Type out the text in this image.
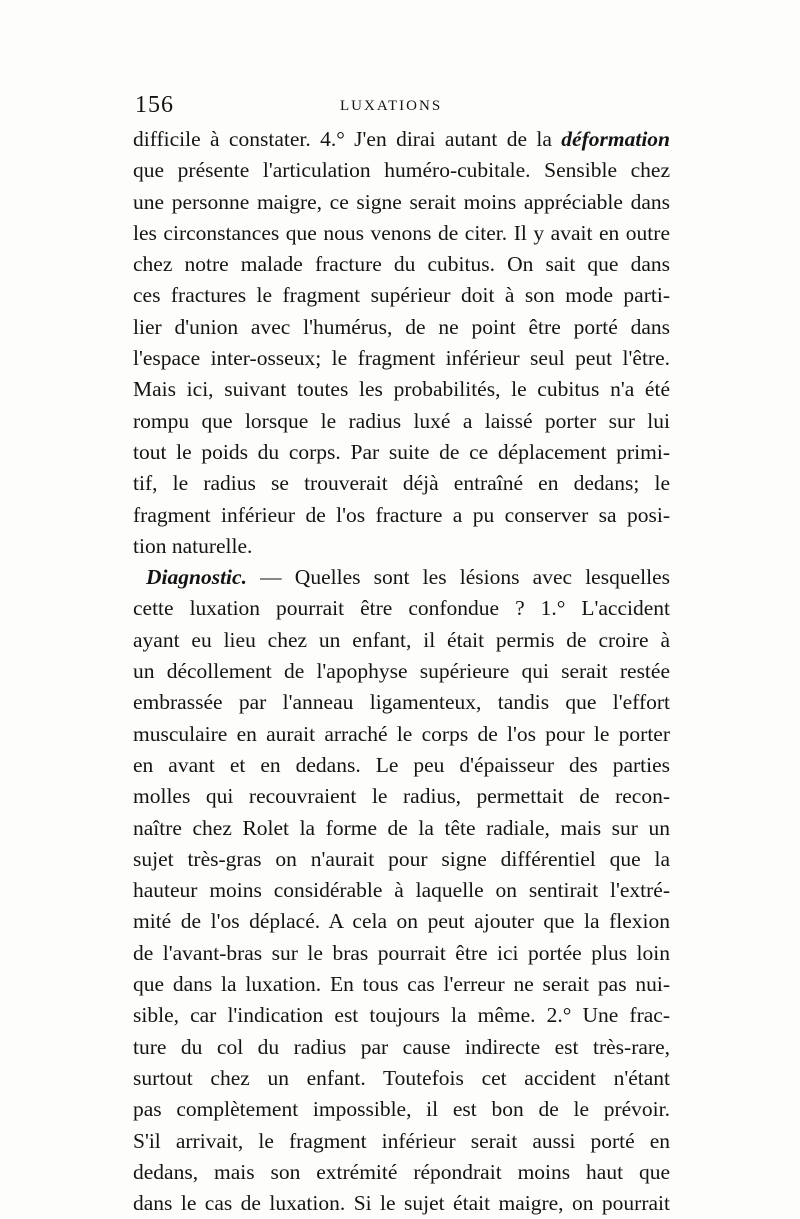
156	LUXATIONS
difficile à constater. 4.° J'en dirai autant de la déformation
que présente l'articulation huméro-cubitale. Sensible chez
une personne maigre, ce signe serait moins appréciable dans
les circonstances que nous venons de citer. Il y avait en outre
chez notre malade fracture du cubitus. On sait que dans
ces fractures le fragment supérieur doit à son mode parti-
lier d'union avec l'humérus, de ne point être porté dans
l'espace inter-osseux; le fragment inférieur seul peut l'être.
Mais ici, suivant toutes les probabilités, le cubitus n'a été
rompu que lorsque le radius luxé a laissé porter sur lui
tout le poids du corps. Par suite de ce déplacement primi-
tif, le radius se trouverait déjà entraîné en dedans; le
fragment inférieur de l'os fracture a pu conserver sa posi-
tion naturelle.
Diagnostic. — Quelles sont les lésions avec lesquelles
cette luxation pourrait être confondue ? 1.° L'accident
ayant eu lieu chez un enfant, il était permis de croire à
un décollement de l'apophyse supérieure qui serait restée
embrassée par l'anneau ligamenteux, tandis que l'effort
musculaire en aurait arraché le corps de l'os pour le porter
en avant et en dedans. Le peu d'épaisseur des parties
molles qui recouvraient le radius, permettait de recon-
naître chez Rolet la forme de la tête radiale, mais sur un
sujet très-gras on n'aurait pour signe différentiel que la
hauteur moins considérable à laquelle on sentirait l'extré-
mité de l'os déplacé. A cela on peut ajouter que la flexion
de l'avant-bras sur le bras pourrait être ici portée plus loin
que dans la luxation. En tous cas l'erreur ne serait pas nui-
sible, car l'indication est toujours la même. 2.° Une frac-
ture du col du radius par cause indirecte est très-rare,
surtout chez un enfant. Toutefois cet accident n'étant
pas complètement impossible, il est bon de le prévoir.
S'il arrivait, le fragment inférieur serait aussi porté en
dedans, mais son extrémité répondrait moins haut que
dans le cas de luxation. Si le sujet était maigre, on pourrait
